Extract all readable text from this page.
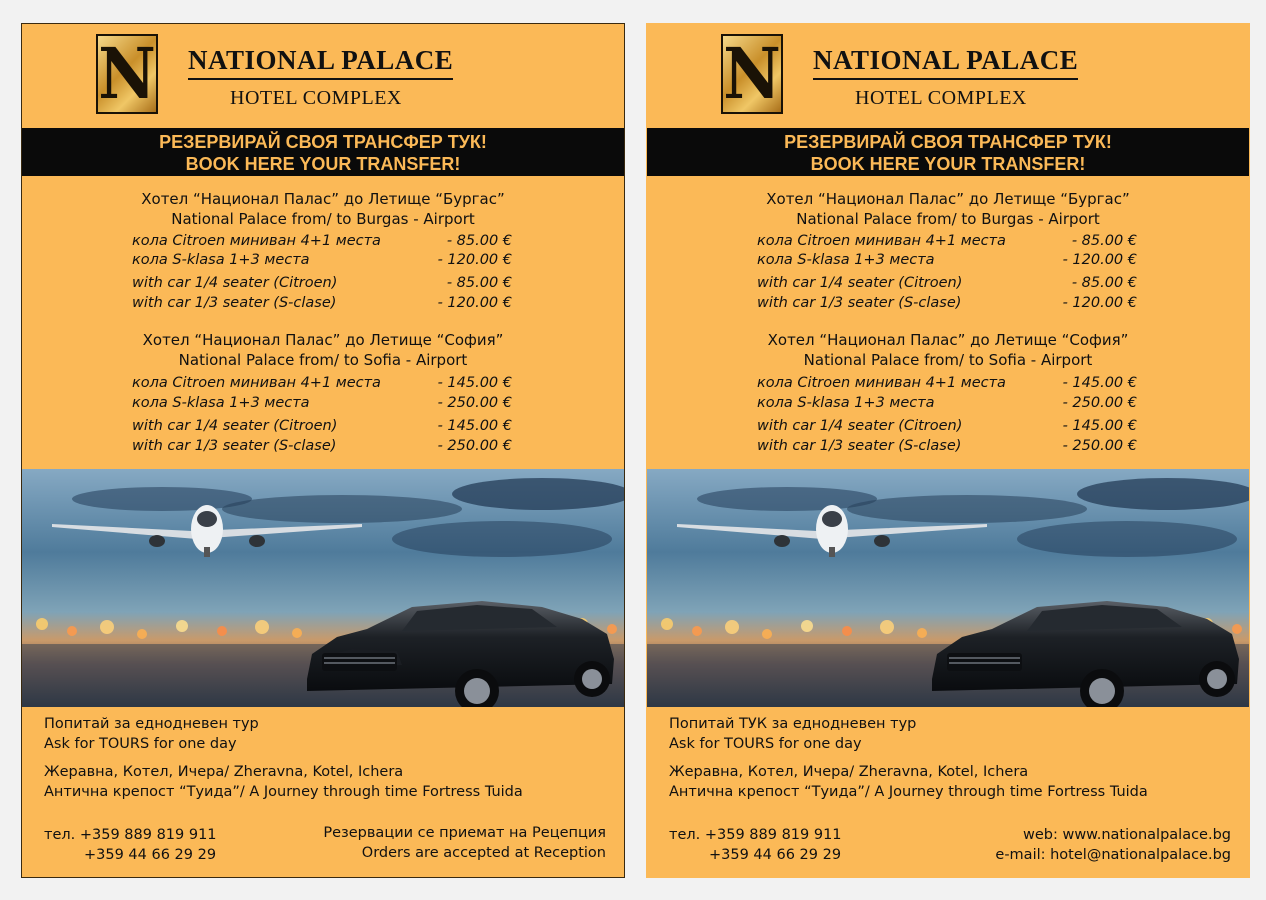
N NATIONAL PALACE
HOTEL COMPLEX
РЕЗЕРВИРАЙ СВОЯ ТРАНСФЕР ТУК!
BOOK HERE YOUR TRANSFER!
Хотел “Национал Палас” до Летище “Бургас”
National Palace from/ to Burgas - Airport
кола Citroen миниван 4+1 места	- 85.00 €
кола S-klasa 1+3 места	- 120.00 €
with car 1/4 seater (Citroen)	- 85.00 €
with car 1/3 seater (S-clase)	- 120.00 €
Хотел “Национал Палас” до Летище “София”
National Palace from/ to Sofia - Airport
кола Citroen миниван 4+1 места	- 145.00 €
кола S-klasa 1+3 места	- 250.00 €
with car 1/4 seater (Citroen)	- 145.00 €
with car 1/3 seater (S-clase)	- 250.00 €
Попитай за еднодневен тур
Ask for TOURS for one day
Жеравна, Котел, Ичера/ Zheravna, Kotel, Ichera
Антична крепост “Туида”/ A Journey through time Fortress Tuida
тел. +359 889 819 911
+359 44 66 29 29
Резервации се приемат на Рецепция
Orders are accepted at Reception
N NATIONAL PALACE
HOTEL COMPLEX
РЕЗЕРВИРАЙ СВОЯ ТРАНСФЕР ТУК!
BOOK HERE YOUR TRANSFER!
Хотел “Национал Палас” до Летище “Бургас”
National Palace from/ to Burgas - Airport
кола Citroen миниван 4+1 места	- 85.00 €
кола S-klasa 1+3 места	- 120.00 €
with car 1/4 seater (Citroen)	- 85.00 €
with car 1/3 seater (S-clase)	- 120.00 €
Хотел “Национал Палас” до Летище “София”
National Palace from/ to Sofia - Airport
кола Citroen миниван 4+1 места	- 145.00 €
кола S-klasa 1+3 места	- 250.00 €
with car 1/4 seater (Citroen)	- 145.00 €
with car 1/3 seater (S-clase)	- 250.00 €
Попитай ТУК за еднодневен тур
Ask for TOURS for one day
Жеравна, Котел, Ичера/ Zheravna, Kotel, Ichera
Антична крепост “Туида”/ A Journey through time Fortress Tuida
тел. +359 889 819 911
+359 44 66 29 29
web: www.nationalpalace.bg
e-mail: hotel@nationalpalace.bg
